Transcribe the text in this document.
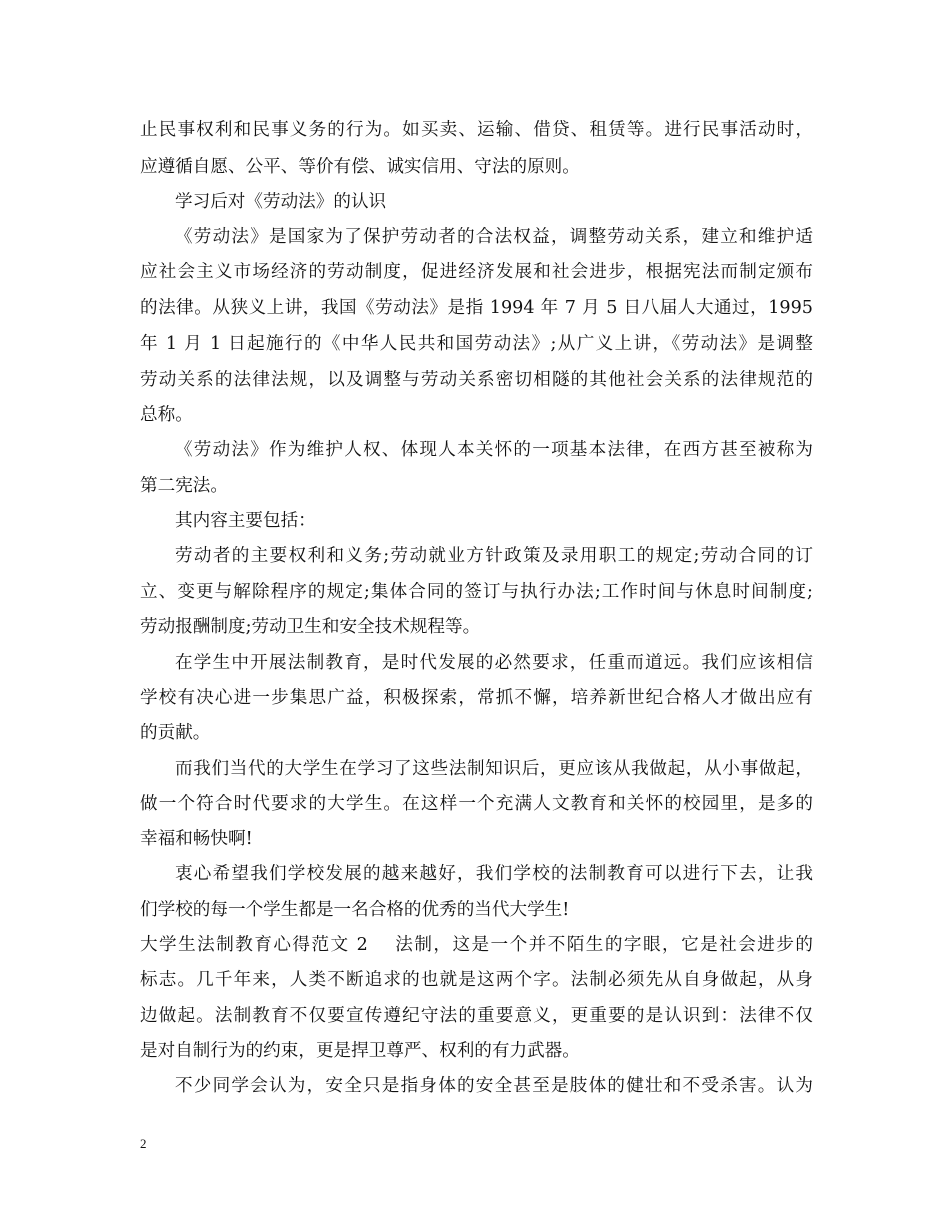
止民事权利和民事义务的行为。如买卖、运输、借贷、租赁等。进行民事活动时，
应遵循自愿、公平、等价有偿、诚实信用、守法的原则。
学习后对《劳动法》的认识
《劳动法》是国家为了保护劳动者的合法权益，调整劳动关系，建立和维护适
应社会主义市场经济的劳动制度，促进经济发展和社会进步，根据宪法而制定颁布
的法律。从狭义上讲，我国《劳动法》是指 1994 年 7 月 5 日八届人大通过，1995
年 1 月 1 日起施行的《中华人民共和国劳动法》;从广义上讲，《劳动法》是调整
劳动关系的法律法规，以及调整与劳动关系密切相隧的其他社会关系的法律规范的
总称。
《劳动法》作为维护人权、体现人本关怀的一项基本法律，在西方甚至被称为
第二宪法。
其内容主要包括：
劳动者的主要权利和义务;劳动就业方针政策及录用职工的规定;劳动合同的订
立、变更与解除程序的规定;集体合同的签订与执行办法;工作时间与休息时间制度;
劳动报酬制度;劳动卫生和安全技术规程等。
在学生中开展法制教育，是时代发展的必然要求，任重而道远。我们应该相信
学校有决心进一步集思广益，积极探索，常抓不懈，培养新世纪合格人才做出应有
的贡献。
而我们当代的大学生在学习了这些法制知识后，更应该从我做起，从小事做起，
做一个符合时代要求的大学生。在这样一个充满人文教育和关怀的校园里，是多的
幸福和畅快啊!
衷心希望我们学校发展的越来越好，我们学校的法制教育可以进行下去，让我
们学校的每一个学生都是一名合格的优秀的当代大学生!
大学生法制教育心得范文 2 法制，这是一个并不陌生的字眼，它是社会进步的
标志。几千年来，人类不断追求的也就是这两个字。法制必须先从自身做起，从身
边做起。法制教育不仅要宣传遵纪守法的重要意义，更重要的是认识到：法律不仅
是对自制行为的约束，更是捍卫尊严、权利的有力武器。
不少同学会认为，安全只是指身体的安全甚至是肢体的健壮和不受杀害。认为
2
